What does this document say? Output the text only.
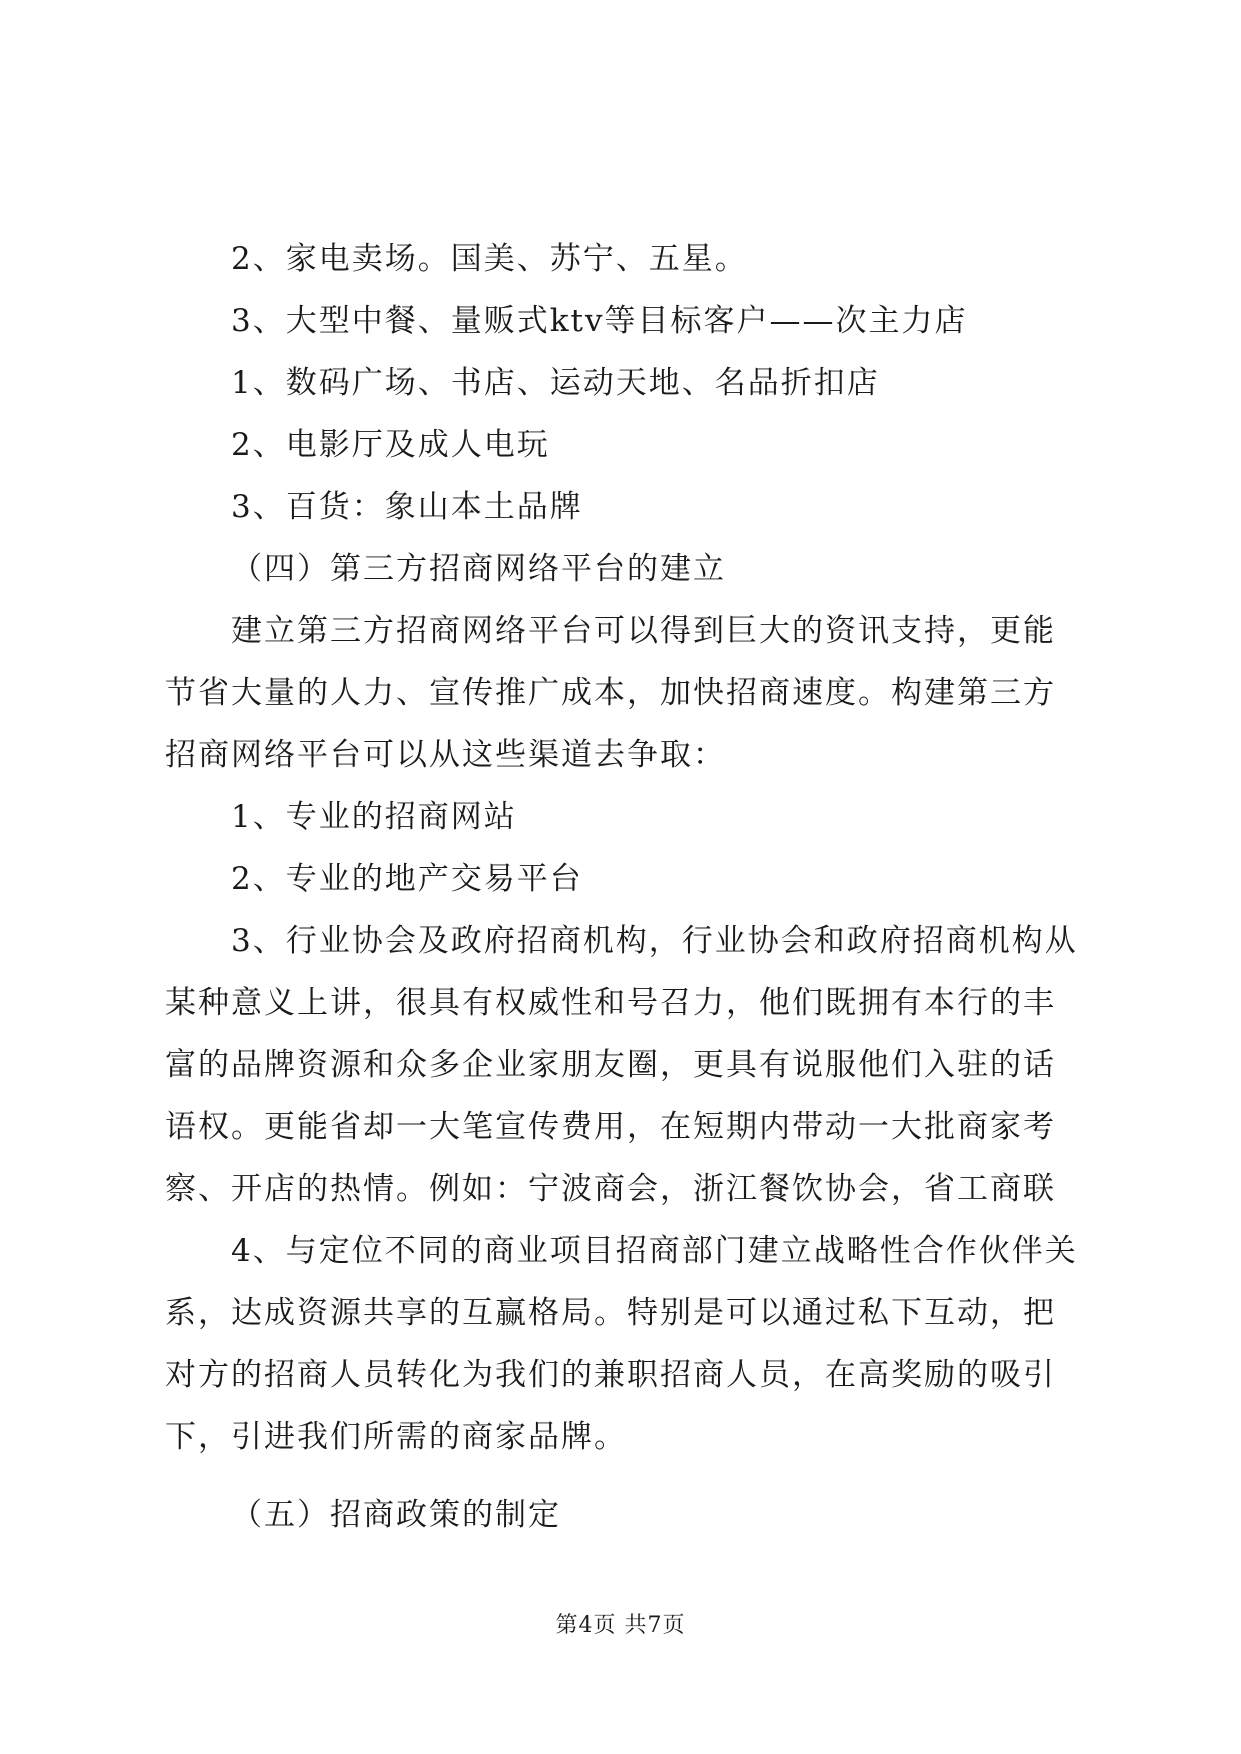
2、家电卖场。国美、苏宁、五星。

3、大型中餐、量贩式ktv等目标客户——次主力店

1、数码广场、书店、运动天地、名品折扣店

2、电影厅及成人电玩

3、百货：象山本土品牌

（四）第三方招商网络平台的建立

建立第三方招商网络平台可以得到巨大的资讯支持，更能节省大量的人力、宣传推广成本，加快招商速度。构建第三方招商网络平台可以从这些渠道去争取：

1、专业的招商网站

2、专业的地产交易平台

3、行业协会及政府招商机构，行业协会和政府招商机构从某种意义上讲，很具有权威性和号召力，他们既拥有本行的丰富的品牌资源和众多企业家朋友圈，更具有说服他们入驻的话语权。更能省却一大笔宣传费用，在短期内带动一大批商家考察、开店的热情。例如：宁波商会，浙江餐饮协会，省工商联

4、与定位不同的商业项目招商部门建立战略性合作伙伴关系，达成资源共享的互赢格局。特别是可以通过私下互动，把对方的招商人员转化为我们的兼职招商人员，在高奖励的吸引下，引进我们所需的商家品牌。

（五）招商政策的制定

第4页 共7页
